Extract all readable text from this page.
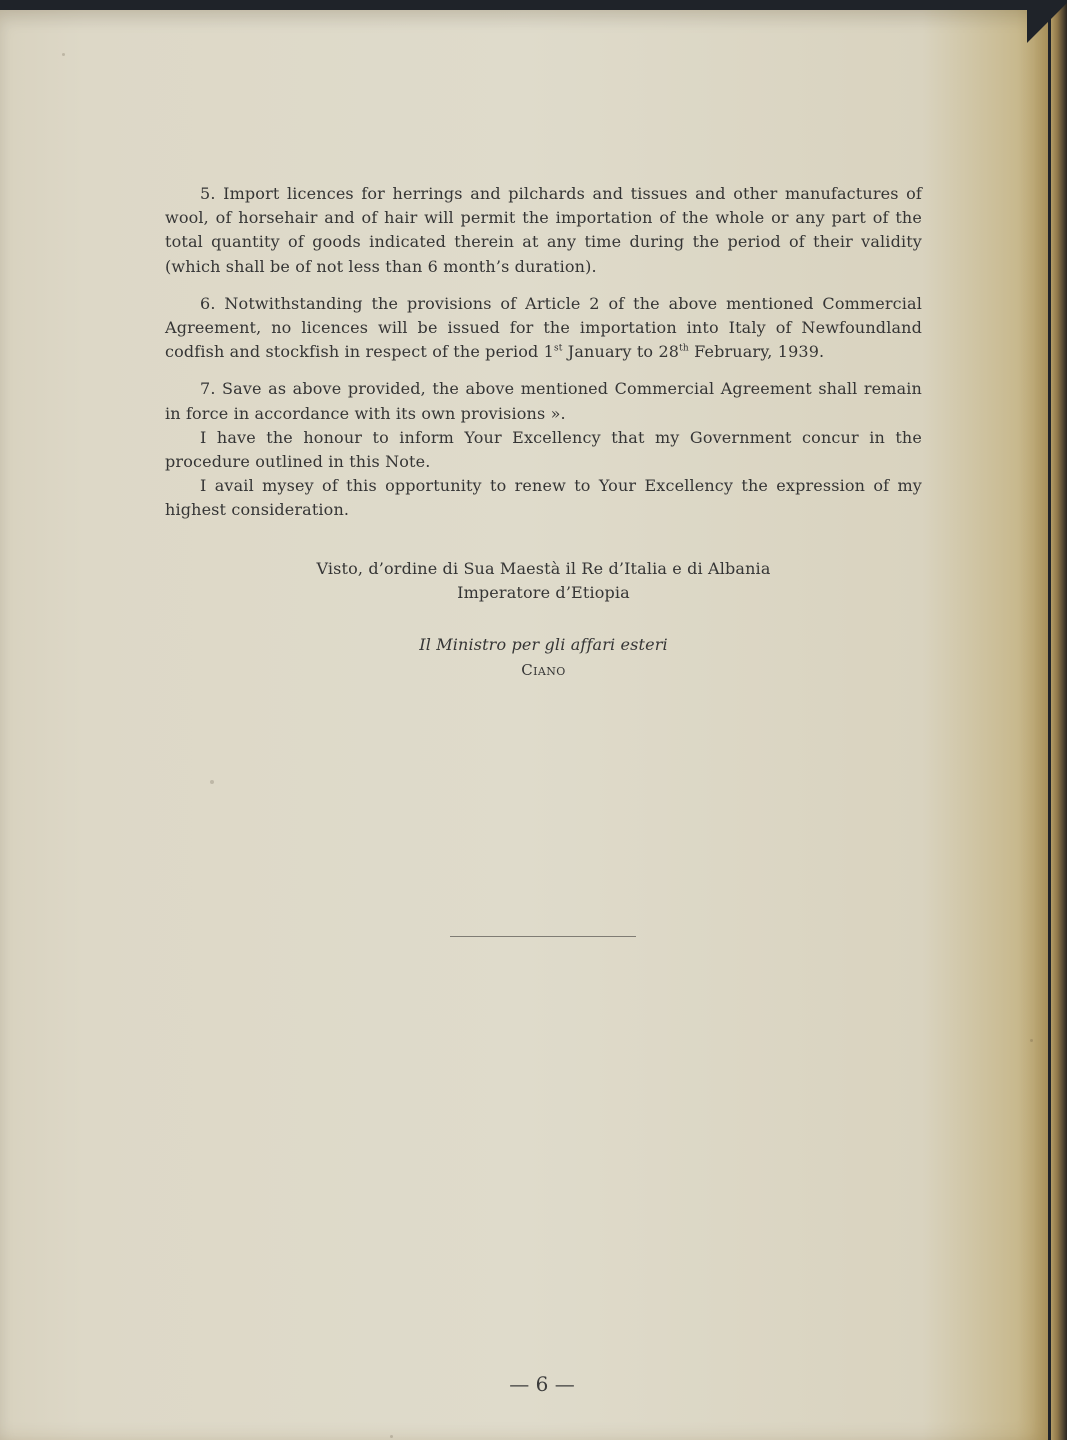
5. Import licences for herrings and pilchards and tissues and other manufactures of wool, of horsehair and of hair will permit the importation of the whole or any part of the total quantity of goods indicated therein at any time during the period of their validity (which shall be of not less than 6 month’s duration).

6. Notwithstanding the provisions of Article 2 of the above mentioned Commercial Agreement, no licences will be issued for the importation into Italy of Newfoundland codfish and stockfish in respect of the period 1st January to 28th February, 1939.

7. Save as above provided, the above mentioned Commercial Agreement shall remain in force in accordance with its own provisions ».

I have the honour to inform Your Excellency that my Government concur in the procedure outlined in this Note.

I avail mysey of this opportunity to renew to Your Excellency the expression of my highest consideration.

Visto, d’ordine di Sua Maestà il Re d’Italia e di Albania
Imperatore d’Etiopia
Il Ministro per gli affari esteri
Ciano
— 6 —
